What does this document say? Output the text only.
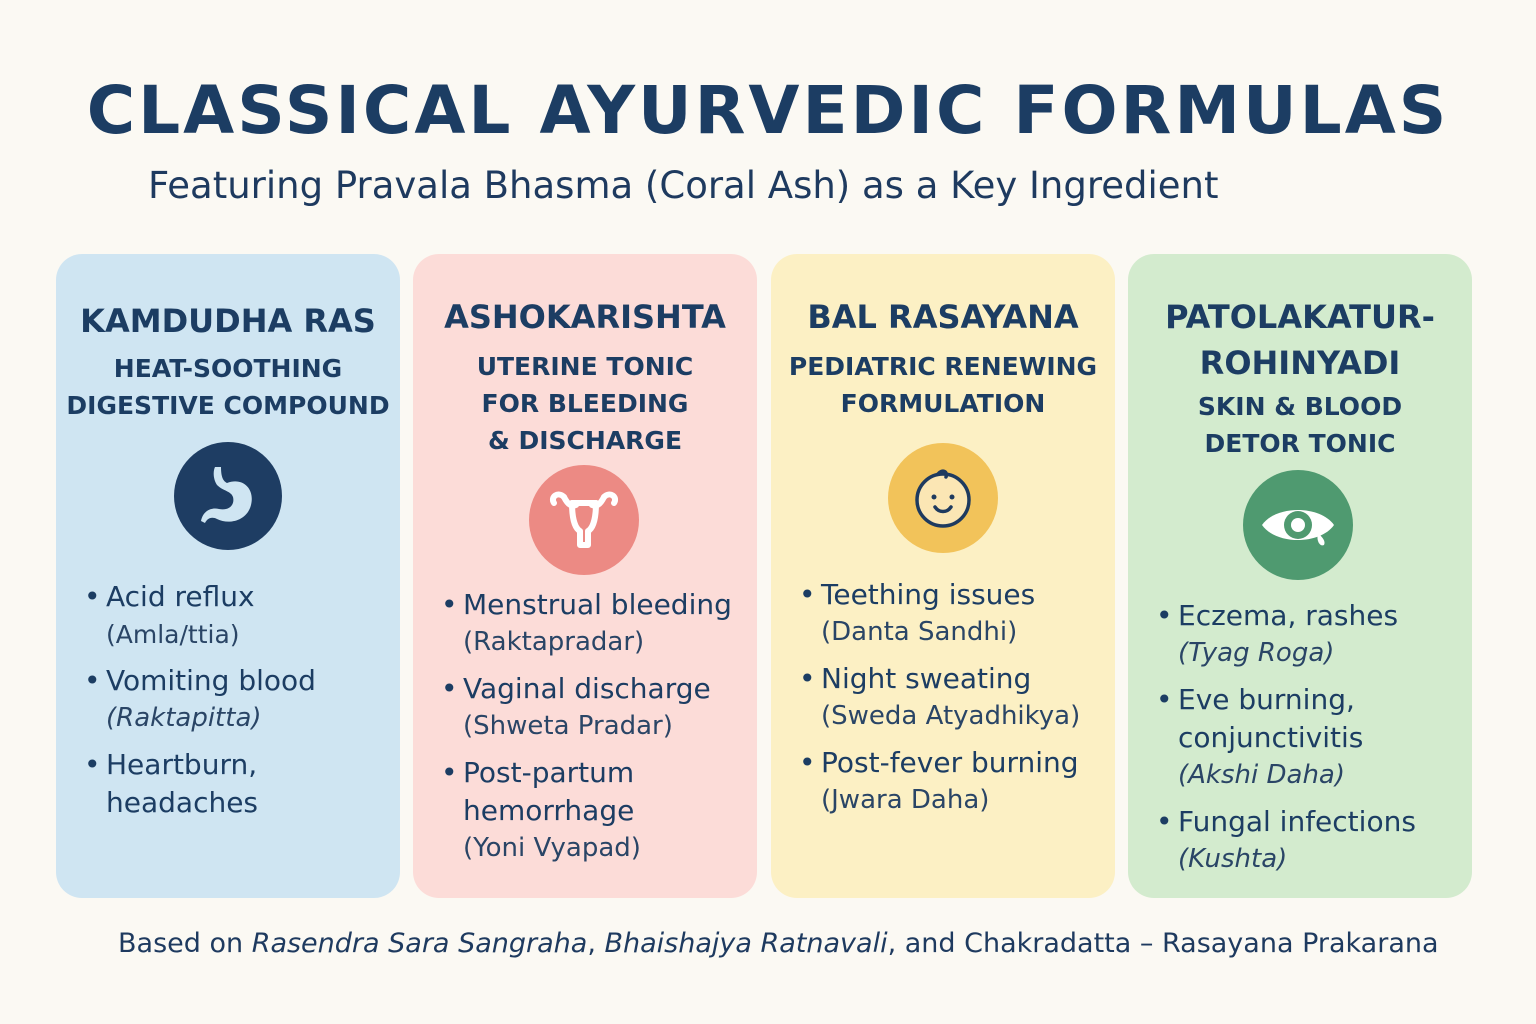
CLASSICAL AYURVEDIC FORMULAS
Featuring Pravala Bhasma (Coral Ash) as a Key Ingredient
KAMDUDHA RAS
HEAT-SOOTHING
DIGESTIVE COMPOUND
• Acid reflux (Amla/ttia)
• Vomiting blood
(Raktapitta)
• Heartburn,
headaches
ASHOKARISHTA
UTERINE TONIC
FOR BLEEDING
& DISCHARGE
• Menstrual bleeding
(Raktapradar)
• Vaginal discharge
(Shweta Pradar)
• Post-partum
hemorrhage
(Yoni Vyapad)
BAL RASAYANA
PEDIATRIC RENEWING
FORMULATION
• Teething issues
(Danta Sandhi)
• Night sweating
(Sweda Atyadhikya)
• Post-fever burning
(Jwara Daha)
PATOLAKATUR-
ROHINYADI
SKIN & BLOOD
DETOR TONIC
• Eczema, rashes
(Tyag Roga)
• Eve burning,
conjunctivitis
(Akshi Daha)
• Fungal infections
(Kushta)
Based on Rasendra Sara Sangraha, Bhaishajya Ratnavali, and Chakradatta – Rasayana Prakarana
